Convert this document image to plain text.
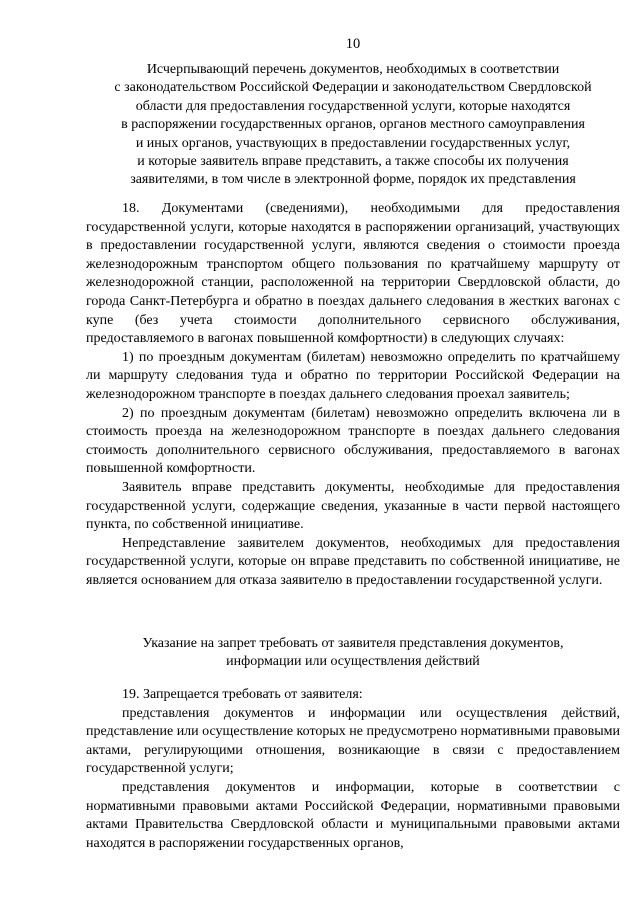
10
Исчерпывающий перечень документов, необходимых в соответствии
с законодательством Российской Федерации и законодательством Свердловской
области для предоставления государственной услуги, которые находятся
в распоряжении государственных органов, органов местного самоуправления
и иных органов, участвующих в предоставлении государственных услуг,
и которые заявитель вправе представить, а также способы их получения
заявителями, в том числе в электронной форме, порядок их представления

18. Документами (сведениями), необходимыми для предоставления государственной услуги, которые находятся в распоряжении организаций, участвующих в предоставлении государственной услуги, являются сведения о стоимости проезда железнодорожным транспортом общего пользования по кратчайшему маршруту от железнодорожной станции, расположенной на территории Свердловской области, до города Санкт-Петербурга и обратно в поездах дальнего следования в жестких вагонах с купе (без учета стоимости дополнительного сервисного обслуживания, предоставляемого в вагонах повышенной комфортности) в следующих случаях:

1) по проездным документам (билетам) невозможно определить по кратчайшему ли маршруту следования туда и обратно по территории Российской Федерации на железнодорожном транспорте в поездах дальнего следования проехал заявитель;

2) по проездным документам (билетам) невозможно определить включена ли в стоимость проезда на железнодорожном транспорте в поездах дальнего следования стоимость дополнительного сервисного обслуживания, предоставляемого в вагонах повышенной комфортности.

Заявитель вправе представить документы, необходимые для предоставления государственной услуги, содержащие сведения, указанные в части первой настоящего пункта, по собственной инициативе.

Непредставление заявителем документов, необходимых для предоставления государственной услуги, которые он вправе представить по собственной инициативе, не является основанием для отказа заявителю в предоставлении государственной услуги.

Указание на запрет требовать от заявителя представления документов,
информации или осуществления действий

19. Запрещается требовать от заявителя:

представления документов и информации или осуществления действий, представление или осуществление которых не предусмотрено нормативными правовыми актами, регулирующими отношения, возникающие в связи с предоставлением государственной услуги;

представления документов и информации, которые в соответствии с нормативными правовыми актами Российской Федерации, нормативными правовыми актами Правительства Свердловской области и муниципальными правовыми актами находятся в распоряжении государственных органов,
